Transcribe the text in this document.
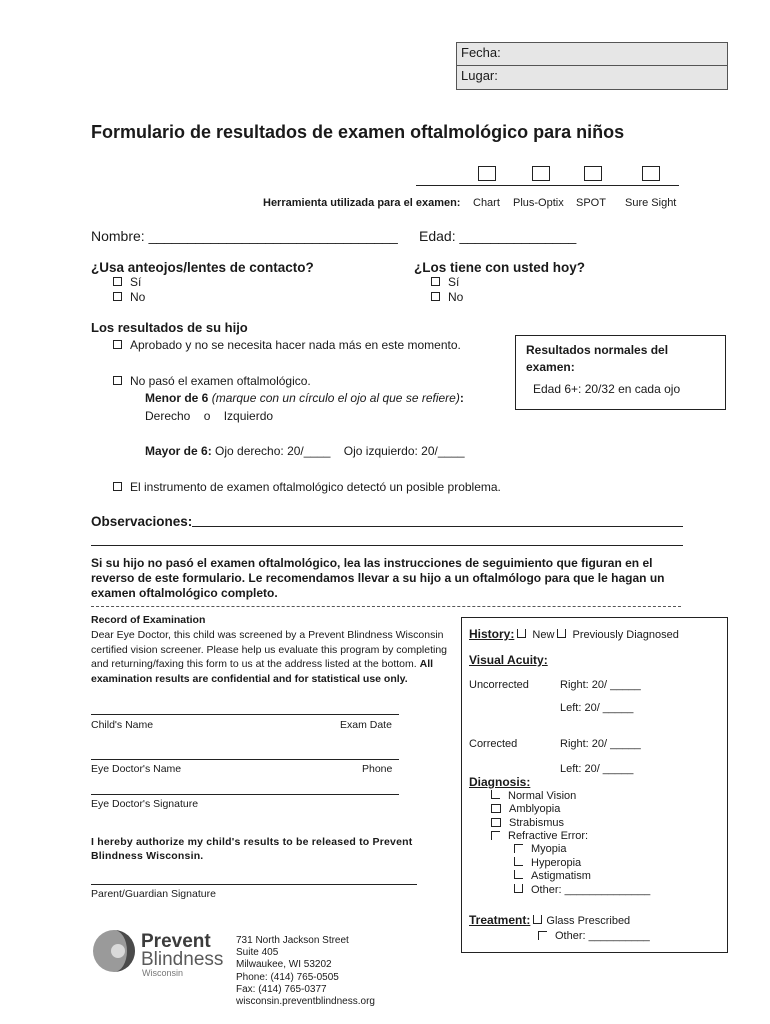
Fecha:
Lugar:
Formulario de resultados de examen oftalmológico para niños
Herramienta utilizada para el examen: Chart Plus-Optix SPOT Sure Sight
Nombre: ________________________________ Edad: _______________
¿Usa anteojos/lentes de contacto?
Sí
No
¿Los tiene con usted hoy?
Sí
No
Los resultados de su hijo
Aprobado y no se necesita hacer nada más en este momento.	Resultados normales del examen:
Edad 6+: 20/32 en cada ojo
No pasó el examen oftalmológico.
Menor de 6 (marque con un círculo el ojo al que se refiere):
Derecho    o    Izquierdo
Mayor de 6: Ojo derecho: 20/____    Ojo izquierdo: 20/____
El instrumento de examen oftalmológico detectó un posible problema.
Observaciones:
Si su hijo no pasó el examen oftalmológico, lea las instrucciones de seguimiento que figuran en el reverso de este formulario. Le recomendamos llevar a su hijo a un oftalmólogo para que le hagan un examen oftalmológico completo.
Record of Examination
Dear Eye Doctor, this child was screened by a Prevent Blindness Wisconsin certified vision screener. Please help us evaluate this program by completing and returning/faxing this form to us at the address listed at the bottom. All examination results are confidential and for statistical use only.
Child's Name	Exam Date
Eye Doctor's Name	Phone
Eye Doctor's Signature
I hereby authorize my child's results to be released to Prevent Blindness Wisconsin.
Parent/Guardian Signature
History: New Previously Diagnosed
Visual Acuity:
Uncorrected	Right: 20/ _____
Left: 20/ _____
Corrected	Right: 20/ _____
Left: 20/ _____
Diagnosis:
Normal Vision
Amblyopia
Strabismus
Refractive Error:
Myopia
Hyperopia
Astigmatism
Other: ______________
Treatment: Glass Prescribed
Other: __________
Prevent
Blindness
Wisconsin
731 North Jackson Street
Suite 405
Milwaukee, WI 53202
Phone: (414) 765-0505
Fax: (414) 765-0377
wisconsin.preventblindness.org
